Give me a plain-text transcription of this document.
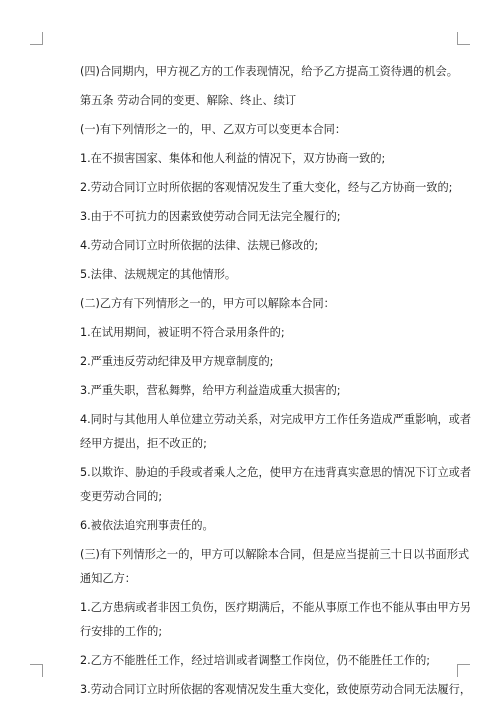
(四)合同期内，甲方视乙方的工作表现情况，给予乙方提高工资待遇的机会。

第五条 劳动合同的变更、解除、终止、续订

(一)有下列情形之一的，甲、乙双方可以变更本合同：

1.在不损害国家、集体和他人利益的情况下，双方协商一致的;

2.劳动合同订立时所依据的客观情况发生了重大变化，经与乙方协商一致的;

3.由于不可抗力的因素致使劳动合同无法完全履行的;

4.劳动合同订立时所依据的法律、法规已修改的;

5.法律、法规规定的其他情形。

(二)乙方有下列情形之一的，甲方可以解除本合同：

1.在试用期间，被证明不符合录用条件的;

2.严重违反劳动纪律及甲方规章制度的;

3.严重失职，营私舞弊，给甲方利益造成重大损害的;

4.同时与其他用人单位建立劳动关系，对完成甲方工作任务造成严重影响，或者
经甲方提出，拒不改正的;

5.以欺诈、胁迫的手段或者乘人之危，使甲方在违背真实意思的情况下订立或者
变更劳动合同的;

6.被依法追究刑事责任的。

(三)有下列情形之一的，甲方可以解除本合同，但是应当提前三十日以书面形式
通知乙方：

1.乙方患病或者非因工负伤，医疗期满后，不能从事原工作也不能从事由甲方另
行安排的工作的;

2.乙方不能胜任工作，经过培训或者调整工作岗位，仍不能胜任工作的;

3.劳动合同订立时所依据的客观情况发生重大变化，致使原劳动合同无法履行，
